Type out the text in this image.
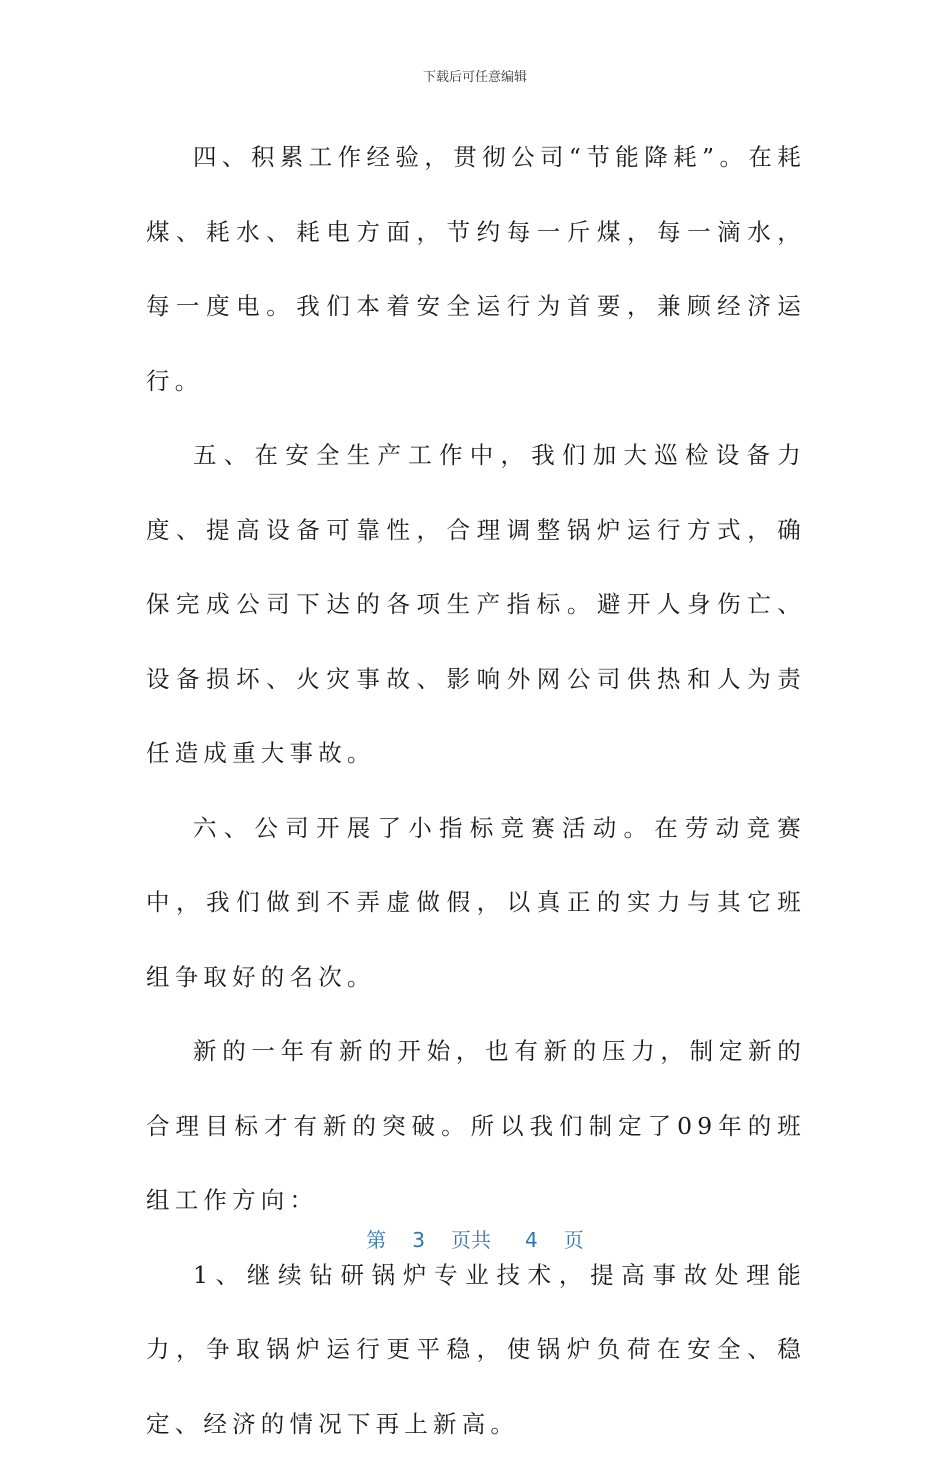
下载后可任意编辑

四、积累工作经验，贯彻公司“节能降耗”。在耗煤、耗水、耗电方面，节约每一斤煤，每一滴水，每一度电。我们本着安全运行为首要，兼顾经济运行。

五、在安全生产工作中，我们加大巡检设备力度、提高设备可靠性，合理调整锅炉运行方式，确保完成公司下达的各项生产指标。避开人身伤亡、设备损坏、火灾事故、影响外网公司供热和人为责任造成重大事故。

六、公司开展了小指标竞赛活动。在劳动竞赛中，我们做到不弄虚做假，以真正的实力与其它班组争取好的名次。

新的一年有新的开始，也有新的压力，制定新的合理目标才有新的突破。所以我们制定了09年的班组工作方向：

1、继续钻研锅炉专业技术，提高事故处理能力，争取锅炉运行更平稳，使锅炉负荷在安全、稳定、经济的情况下再上新高。

第 3 页共 4 页
